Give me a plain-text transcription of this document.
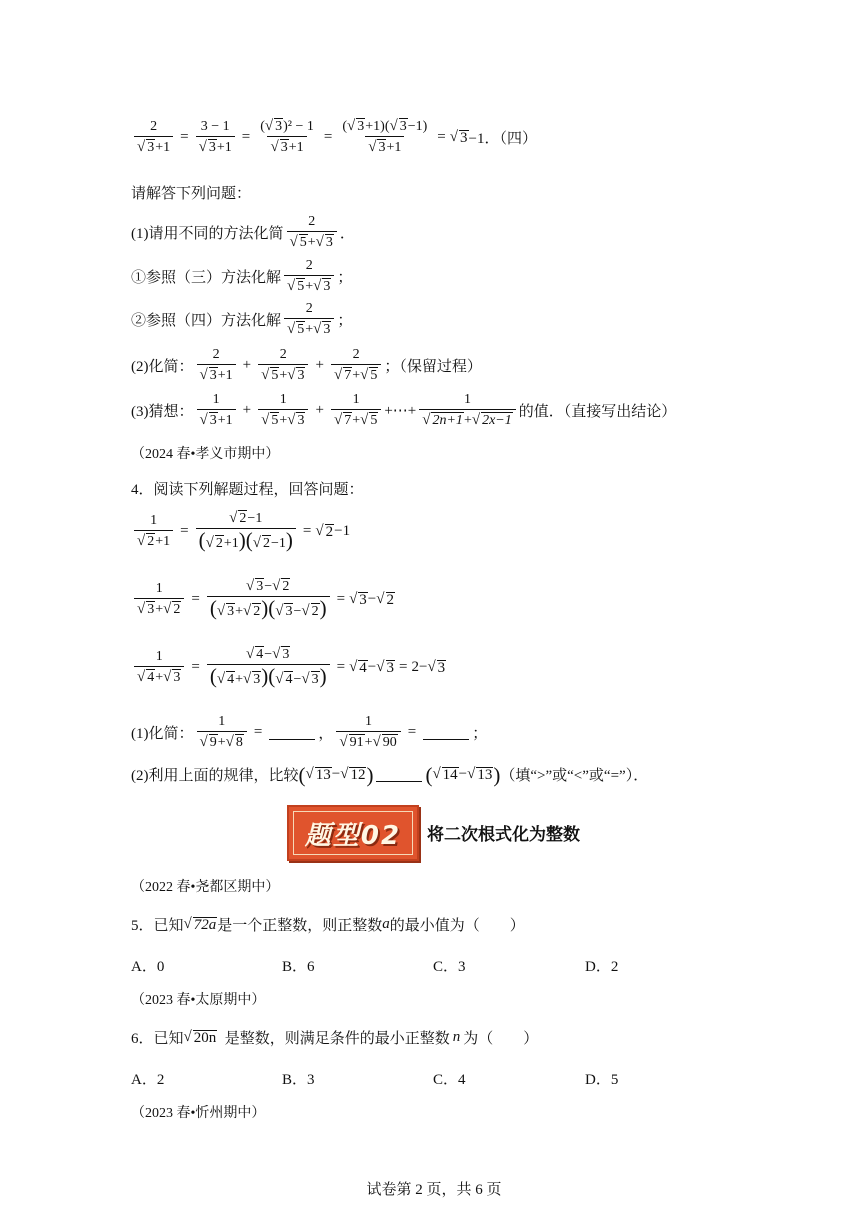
$\frac{2}{√ 3+1} = \frac{3 - 1}{√ 3+1} = \frac{\text{(√ 3)² − 1}}{√ 3+1} = \frac{(√ 3+1)(√ 3-1)}{√ 3+1}$ = √ 3 −1．（四）
请解答下列问题：
(1)请用不同的方法化简 $\frac{2}{√ 5+√ 3}$ ．
①参照（三）方法化解 $\frac{2}{√ 5+√ 3}$ ；
②参照（四）方法化解 $\frac{2}{√ 5+√ 3}$ ；
(2)化简： $\frac{2}{√ 3+1} + \frac{2}{√ 5+√ 3} + \frac{2}{√ 7+√ 5}$ ；（保留过程）
(3)猜想： $\frac{1}{√ 3+1} + \frac{1}{√ 5+√ 3} + \frac{1}{√ 7+√ 5}$ +⋯+ $\frac{1}{√ 2n+1+√ 2x-1}$ 的值．（直接写出结论）
（2024 春•孝义市期中）
4．阅读下列解题过程，回答问题：
$\frac{1}{√ 2+1} = \frac{√ 2-1}{(√ 2+1)(√ 2-1)}$ = √ 2 − 1
$\frac{1}{√ 3+√ 2} = \frac{√ 3-√ 2}{(√ 3+√ 2)(√ 3-√ 2)}$ = √ 3 − √ 2
$\frac{1}{√ 4+√ 3} = \frac{√ 4-√ 3}{(√ 4+√ 3)(√ 4-√ 3)}$ = √ 4 − √ 3 = 2 − √ 3
(1)化简： $\frac{1}{√ 9+√ 8}$ =	， $\frac{1}{√ 91+√ 90}$ =	；
(2)利用上面的规律，比较 ( √ 13 − √ 12 ) ( √ 14 − √ 13 ) （填“>”或“<”或“=”）．
题型02	将二次根式化为整数
（2022 春•尧都区期中）
5．已知 √ 72a 是一个正整数，则正整数 a 的最小值为（　　）
A．0	B．6	C．3	D．2
（2023 春•太原期中）
6．已知 √ 20n 是整数，则满足条件的最小正整数 n 为（　　）
A．2	B．3	C．4	D．5
（2023 春•忻州期中）
试卷第 2 页，共 6 页
